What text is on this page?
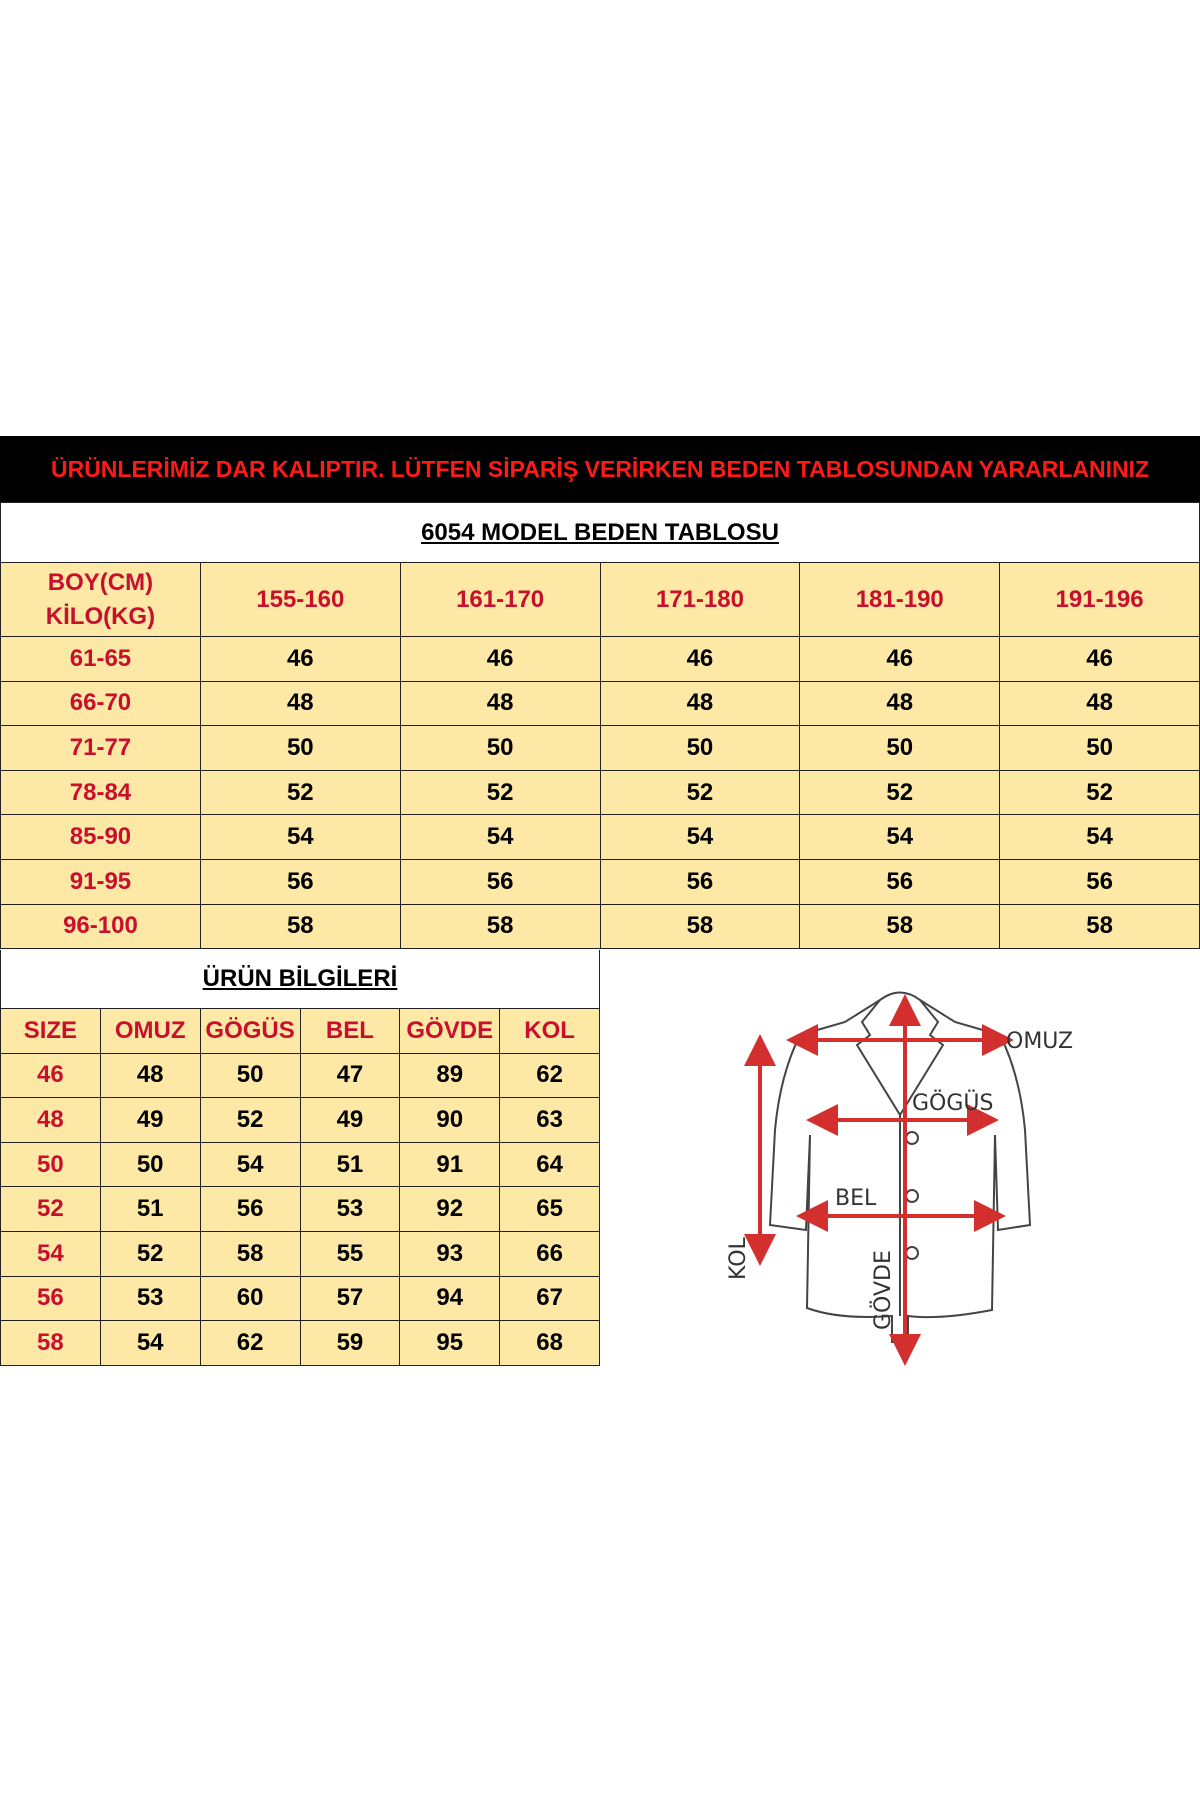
ÜRÜNLERİMİZ DAR KALIPTIR. LÜTFEN SİPARİŞ VERİRKEN BEDEN TABLOSUNDAN YARARLANINIZ
6054 MODEL BEDEN TABLOSU
BOY(CM)
KİLO(KG)	155-160	161-170	171-180	181-190	191-196
61-65	46	46	46	46	46
66-70	48	48	48	48	48
71-77	50	50	50	50	50
78-84	52	52	52	52	52
85-90	54	54	54	54	54
91-95	56	56	56	56	56
96-100	58	58	58	58	58
ÜRÜN BİLGİLERİ
SIZE	OMUZ	GÖGÜS	BEL	GÖVDE	KOL
46	48	50	47	89	62
48	49	52	49	90	63
50	50	54	51	91	64
52	51	56	53	92	65
54	52	58	55	93	66
56	53	60	57	94	67
58	54	62	59	95	68
OMUZ
GÖGÜS
BEL
KOL	GÖVDE
